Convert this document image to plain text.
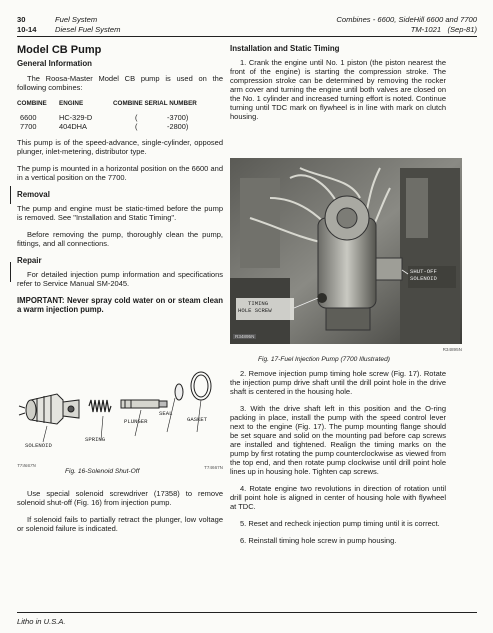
30	Fuel System
10-14 Diesel Fuel System
Combines - 6600, SideHill 6600 and 7700
TM-1021 (Sep-81)
Model CB Pump
General Information

The Roosa-Master Model CB pump is used on the following combines:

COMBINE	ENGINE	COMBINE SERIAL NUMBER	

6600	HC-329-D	(	-3700)
7700	404DHA	(	-2800)

This pump is of the speed-advance, single-cylinder, opposed plunger, inlet-metering, distributor type.

The pump is mounted in a horizontal position on the 6600 and in a vertical position on the 7700.

Removal

The pump and engine must be static-timed before the pump is removed. See "Installation and Static Timing".

Before removing the pump, thoroughly clean the pump, fittings, and all connections.

Repair

For detailed injection pump information and specifications refer to Service Manual SM-2045.

IMPORTANT: Never spray cold water on or steam clean a warm injection pump.

SEAL
GASKET
PLUNGER
SPRING
SOLENOID
T74667N	T74667N
Fig. 16-Solenoid Shut-Off

Use special solenoid screwdriver (17358) to remove solenoid shut-off (Fig. 16) from injection pump.

If solenoid fails to partially retract the plunger, low voltage or solenoid failure is indicated.

Installation and Static Timing

1. Crank the engine until No. 1 piston (the piston nearest the front of the engine) is starting the compression stroke. The compression stroke can be determined by removing the rocker arm cover and turning the engine until both valves are closed on the No. 1 cylinder and increased turning effort is noted. Continue turning until TDC mark on flywheel is in line with mark on clutch housing.

SHUT-OFF
SOLENOID
TIMING
HOLE SCREW
R34895N
R34895N
Fig. 17-Fuel Injection Pump (7700 Illustrated)

2. Remove injection pump timing hole screw (Fig. 17). Rotate the injection pump drive shaft until the drill point hole in the drive shaft is centered in the housing hole.

3. With the drive shaft left in this position and the O-ring packing in place, install the pump with the speed control lever next to the engine (Fig. 17). The pump mounting flange should be set square and solid on the mounting pad before cap screws are installed and tightened. Realign the timing marks on the pump by first rotating the pump counterclockwise as viewed from the top end, and then rotate pump clockwise until drill point hole lines up in housing hole. Tighten cap screws.

4. Rotate engine two revolutions in direction of rotation until drill point hole is aligned in center of housing hole with flywheel at TDC.

5. Reset and recheck injection pump timing until it is correct.

6. Reinstall timing hole screw in pump housing.

Litho in U.S.A.
